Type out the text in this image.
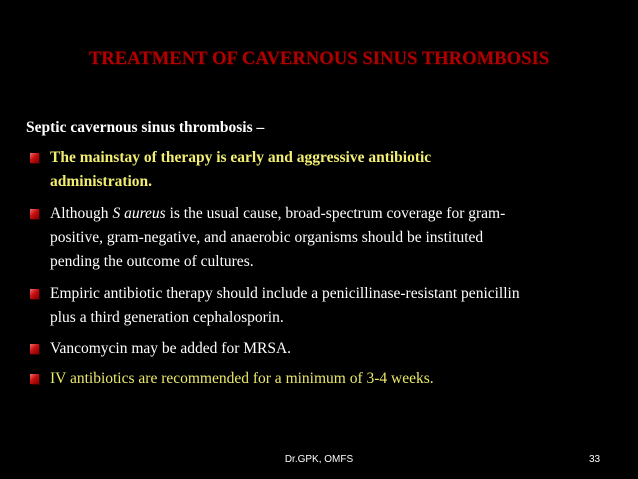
TREATMENT OF CAVERNOUS SINUS THROMBOSIS
Septic cavernous sinus thrombosis –
The mainstay of therapy is early and aggressive antibiotic
administration.
Although S aureus is the usual cause, broad-spectrum coverage for gram-
positive, gram-negative, and anaerobic organisms should be instituted
pending the outcome of cultures.
Empiric antibiotic therapy should include a penicillinase-resistant penicillin
plus a third generation cephalosporin.
Vancomycin may be added for MRSA.
IV antibiotics are recommended for a minimum of 3-4 weeks.
Dr.GPK, OMFS	33
